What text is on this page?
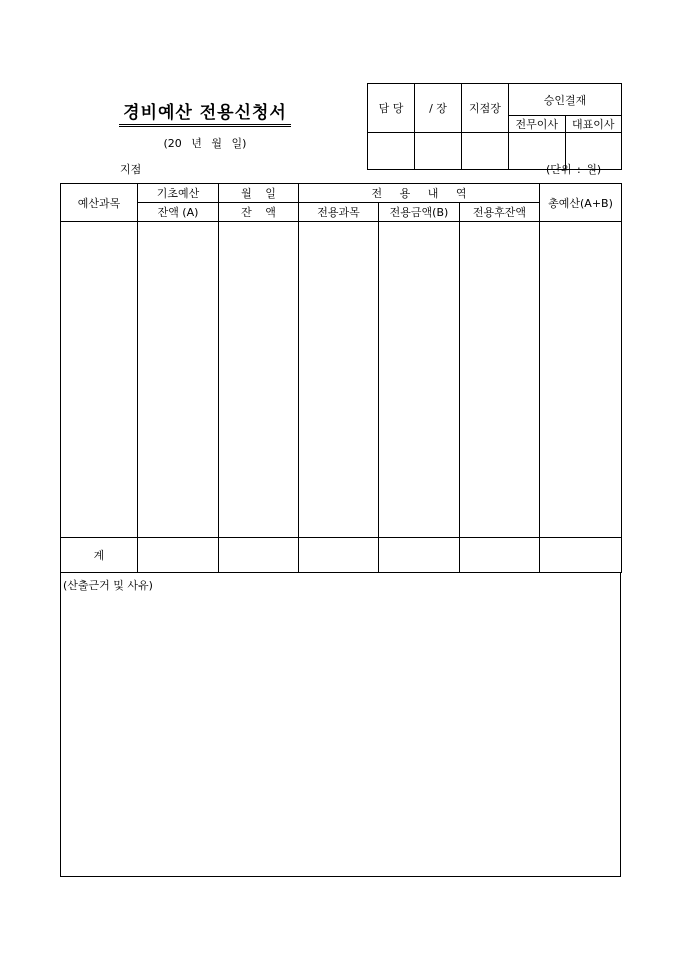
경비예산 전용신청서
(20 년 월 일)
담 당	/ 장	지점장	승인결재	
			전무이사	대표이사

지점	(단위 : 원)
예산과목	기초예산	월 일	전 용 내 역			총예산(A+B)
	잔액 (A)	잔 액	전용과목	전용금액(B)	전용후잔액	

계						
(산출근거 및 사유)
